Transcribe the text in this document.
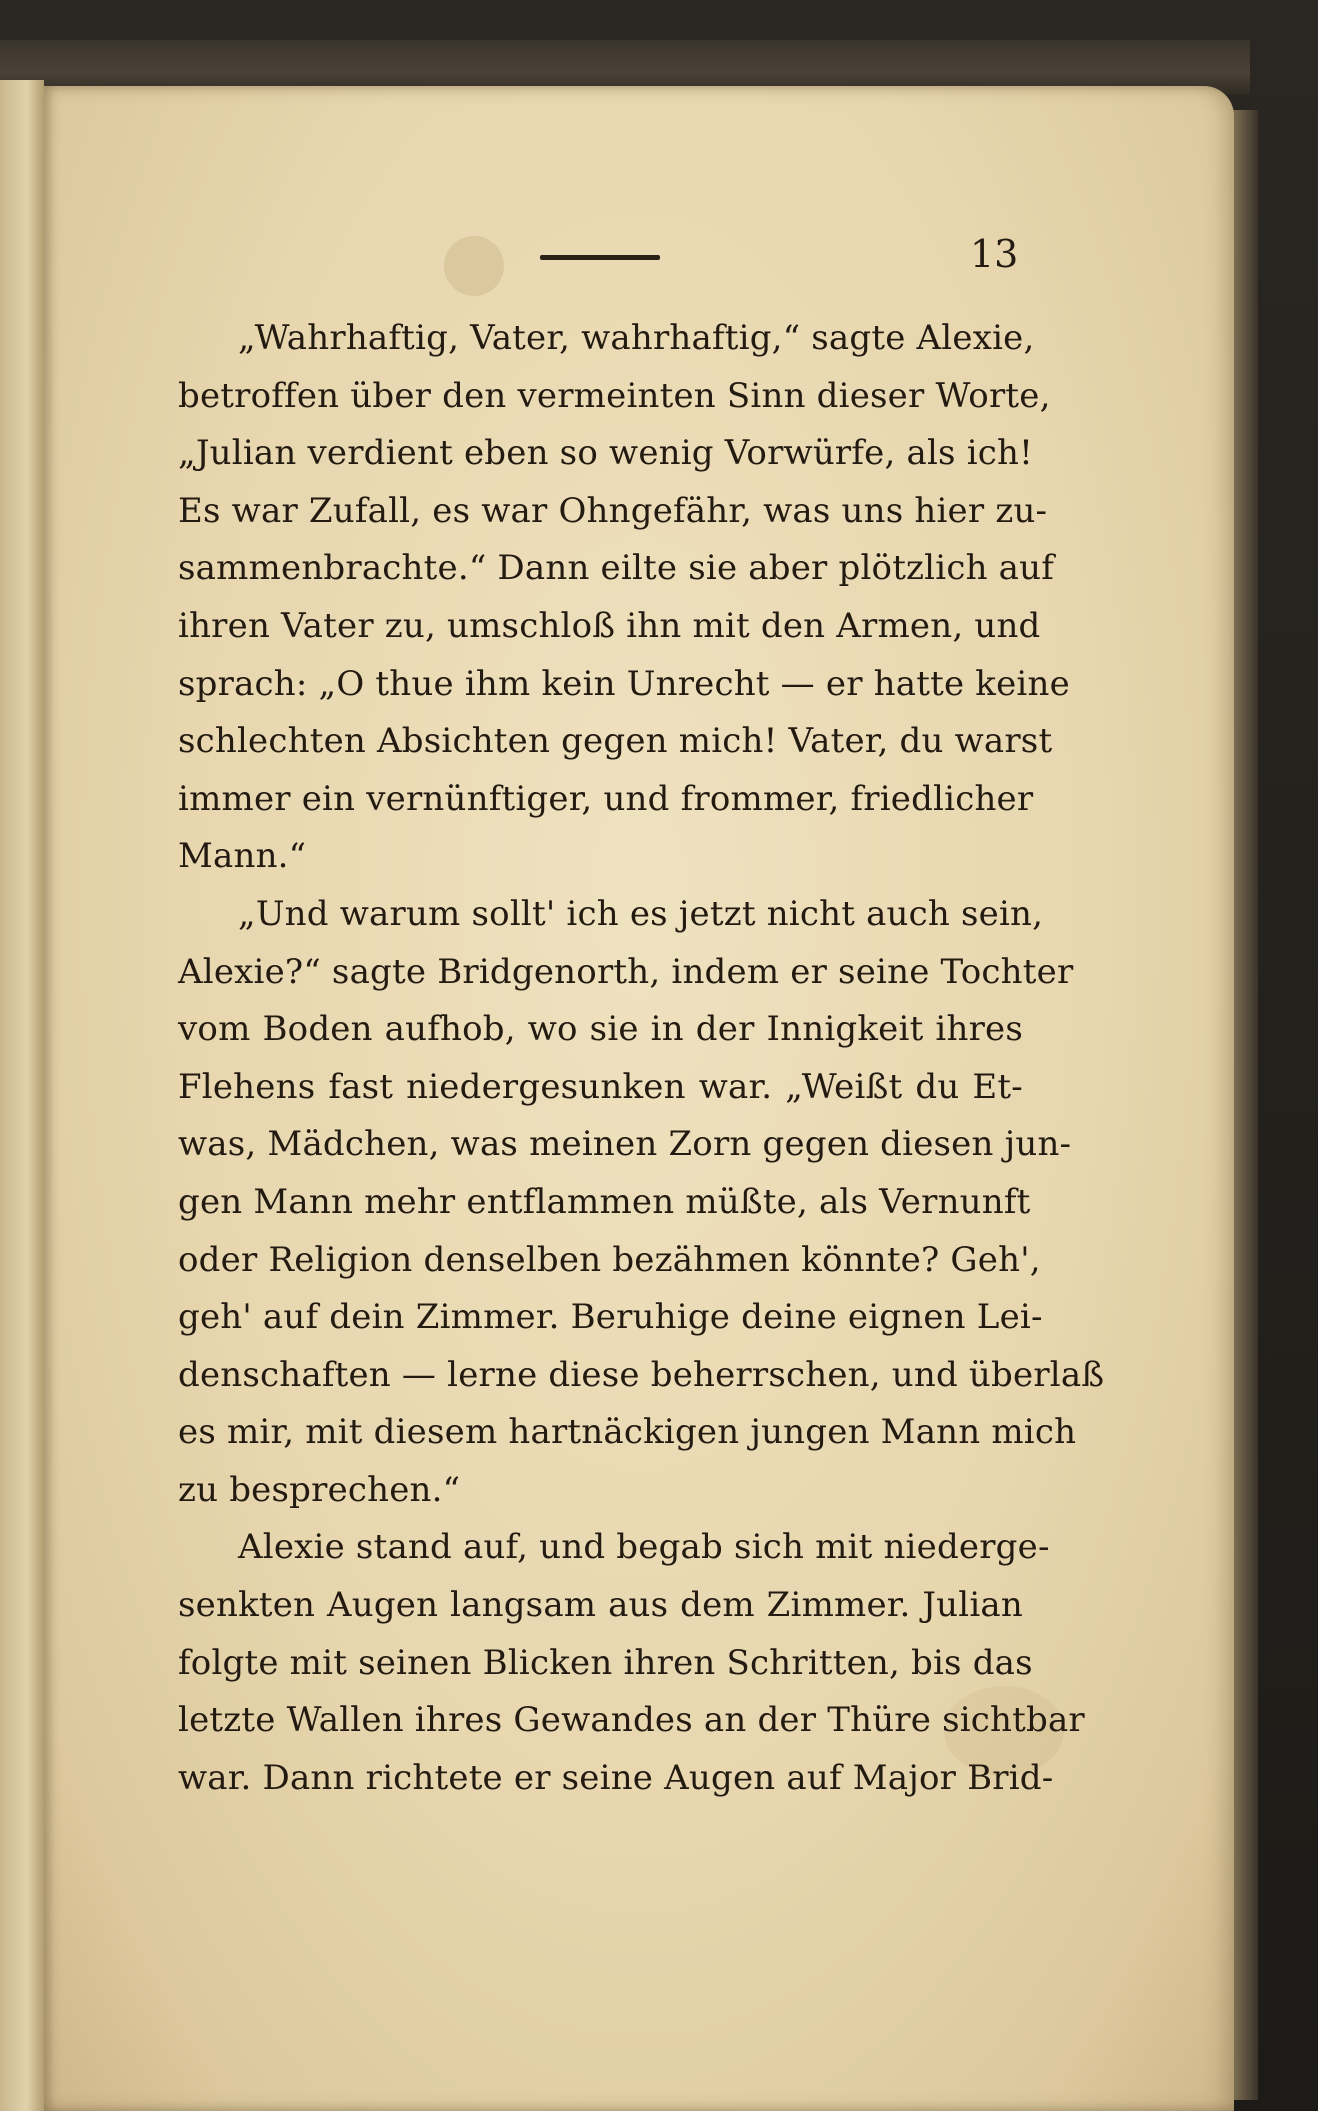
13
„Wahrhaftig, Vater, wahrhaftig,“ sagte Alexie,
betroffen über den vermeinten Sinn dieser Worte,
„Julian verdient eben so wenig Vorwürfe, als ich!
Es war Zufall, es war Ohngefähr, was uns hier zu-
sammenbrachte.“ Dann eilte sie aber plötzlich auf
ihren Vater zu, umschloß ihn mit den Armen, und
sprach: „O thue ihm kein Unrecht — er hatte keine
schlechten Absichten gegen mich! Vater, du warst
immer ein vernünftiger, und frommer, friedlicher
Mann.“
„Und warum sollt' ich es jetzt nicht auch sein,
Alexie?“ sagte Bridgenorth, indem er seine Tochter
vom Boden aufhob, wo sie in der Innigkeit ihres
Flehens fast niedergesunken war. „Weißt du Et-
was, Mädchen, was meinen Zorn gegen diesen jun-
gen Mann mehr entflammen müßte, als Vernunft
oder Religion denselben bezähmen könnte? Geh',
geh' auf dein Zimmer. Beruhige deine eignen Lei-
denschaften — lerne diese beherrschen, und überlaß
es mir, mit diesem hartnäckigen jungen Mann mich
zu besprechen.“
Alexie stand auf, und begab sich mit niederge-
senkten Augen langsam aus dem Zimmer. Julian
folgte mit seinen Blicken ihren Schritten, bis das
letzte Wallen ihres Gewandes an der Thüre sichtbar
war. Dann richtete er seine Augen auf Major Brid-
